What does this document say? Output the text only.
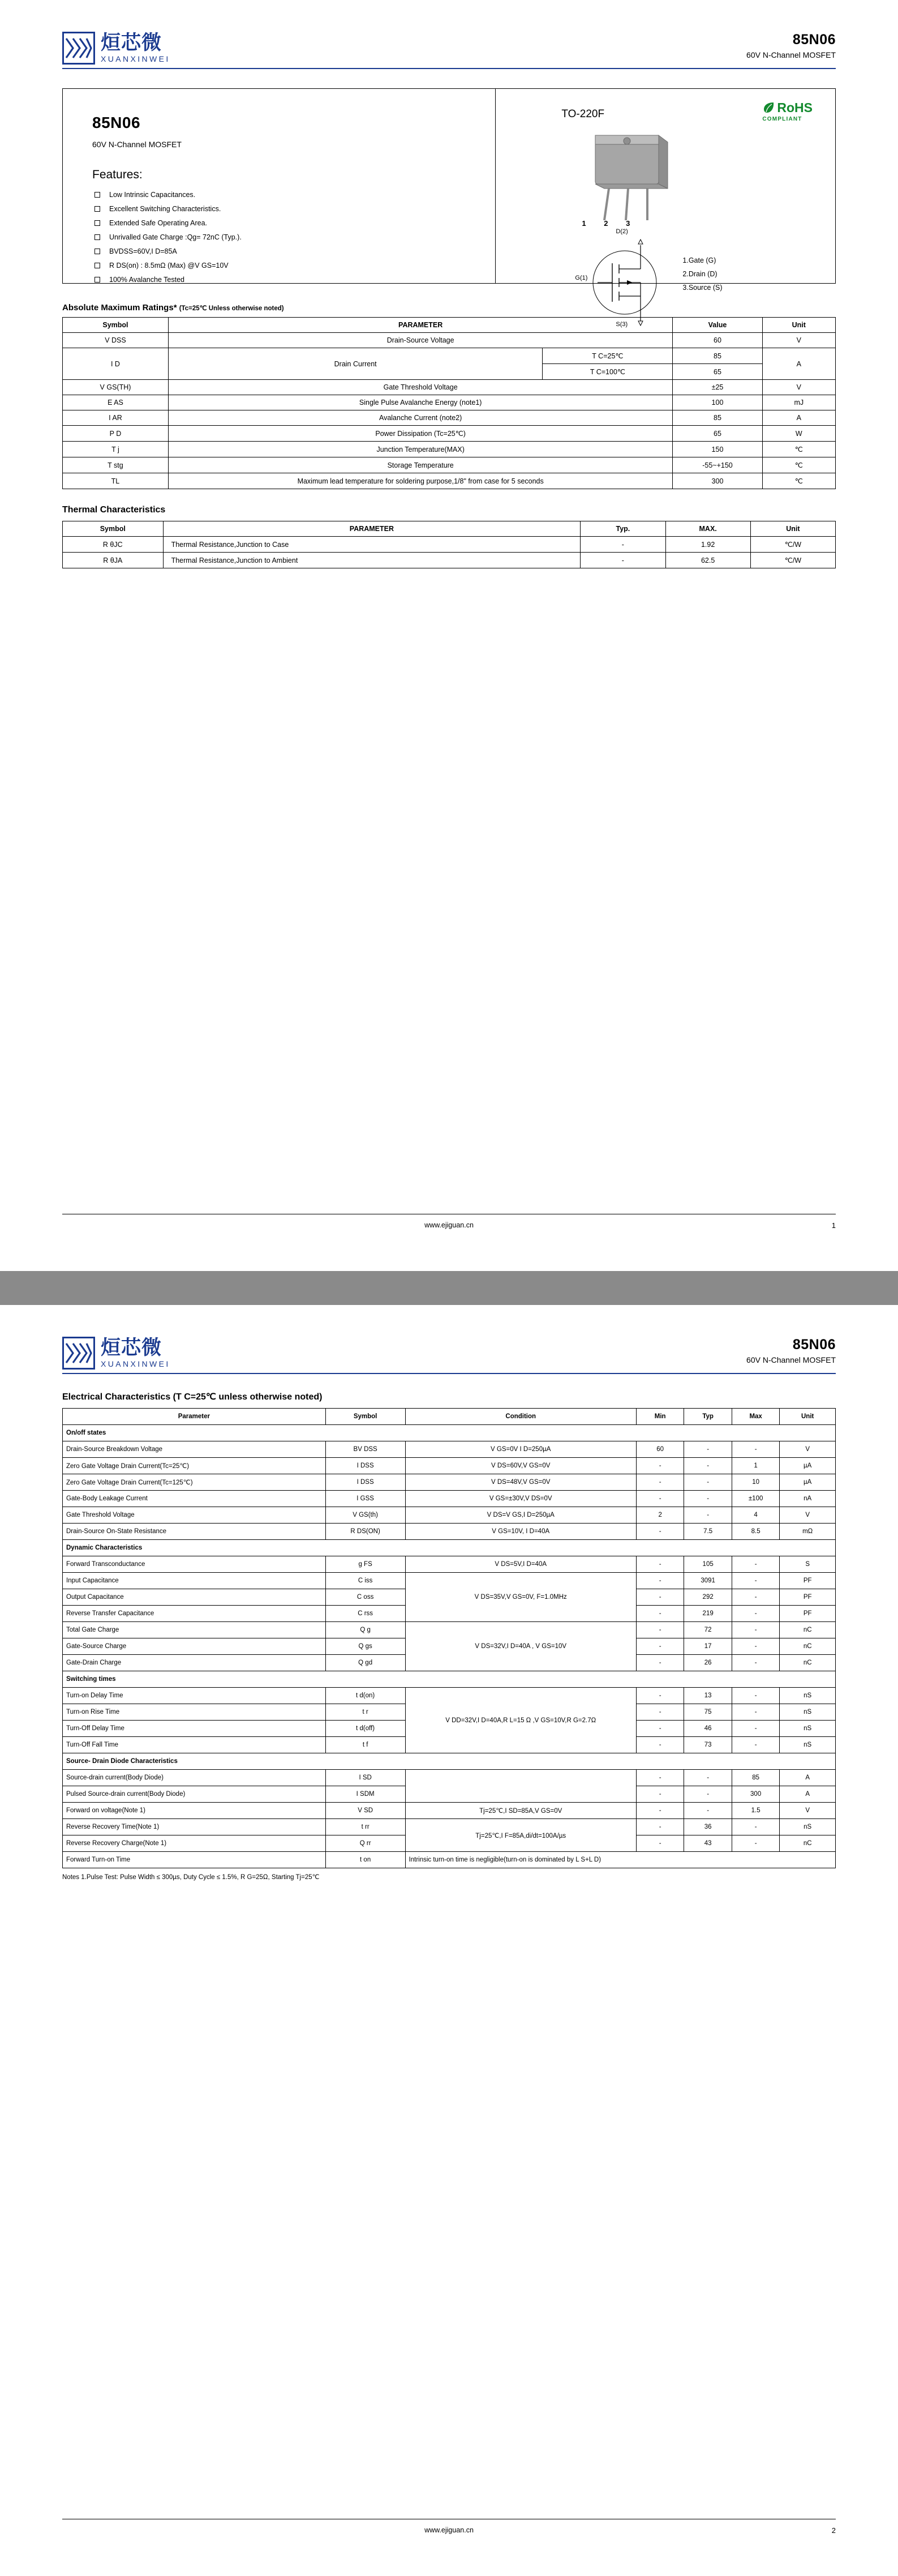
烜芯微
XUANXINWEI
85N06
60V N-Channel MOSFET
85N06
60V N-Channel MOSFET
Features:
Low Intrinsic Capacitances.
Excellent Switching Characteristics.
Extended Safe Operating Area.
Unrivalled Gate Charge :Qg= 72nC (Typ.).
BVDSS=60V,I D=85A
R DS(on) : 8.5mΩ (Max) @V GS=10V
100% Avalanche Tested
TO-220F	RoHS
COMPLIANT
1 2 3
D(2)
G(1)
S(3)
1.Gate (G)
2.Drain (D)
3.Source (S)
Absolute Maximum Ratings* (Tc=25℃ Unless otherwise noted)
Symbol	PARAMETER		Value	Unit
V DSS	Drain-Source Voltage		60	V
I D	Drain Current	T C=25℃	85	A
		T C=100℃	65	
V GS(TH)	Gate Threshold Voltage		±25	V
E AS	Single Pulse Avalanche Energy (note1)		100	mJ
I AR	Avalanche Current (note2)		85	A
P D	Power Dissipation (Tc=25℃)		65	W
T j	Junction Temperature(MAX)		150	℃
T stg	Storage Temperature		-55~+150	℃
TL	Maximum lead temperature for soldering purpose,1/8" from case for 5 seconds		300	℃
Thermal Characteristics
Symbol	PARAMETER	Typ.	MAX.	Unit
R θJC	Thermal Resistance,Junction to Case	-	1.92	℃/W
R θJA	Thermal Resistance,Junction to Ambient	-	62.5	℃/W
www.ejiguan.cn	1
烜芯微
XUANXINWEI
85N06
60V N-Channel MOSFET
Electrical Characteristics (T C=25℃ unless otherwise noted)
Parameter	Symbol	Condition	Min	Typ	Max	Unit
On/off states						
Drain-Source Breakdown Voltage	BV DSS	V GS=0V I D=250µA	60	-	-	V
Zero Gate Voltage Drain Current(Tc=25℃)	I DSS	V DS=60V,V GS=0V	-	-	1	µA
Zero Gate Voltage Drain Current(Tc=125℃)	I DSS	V DS=48V,V GS=0V	-	-	10	µA
Gate-Body Leakage Current	I GSS	V GS=±30V,V DS=0V	-	-	±100	nA
Gate Threshold Voltage	V GS(th)	V DS=V GS,I D=250µA	2	-	4	V
Drain-Source On-State Resistance	R DS(ON)	V GS=10V, I D=40A	-	7.5	8.5	mΩ
Dynamic Characteristics						
Forward Transconductance	g FS	V DS=5V,I D=40A	-	105	-	S
Input Capacitance	C iss	V DS=35V,V GS=0V, F=1.0MHz	-	3091	-	PF
Output Capacitance	C oss		-	292	-	PF
Reverse Transfer Capacitance	C rss		-	219	-	PF
Total Gate Charge	Q g	V DS=32V,I D=40A , V GS=10V	-	72	-	nC
Gate-Source Charge	Q gs		-	17	-	nC
Gate-Drain Charge	Q gd		-	26	-	nC
Switching times						
Turn-on Delay Time	t d(on)	V DD=32V,I D=40A,R L=15 Ω ,V GS=10V,R G=2.7Ω	-	13	-	nS
Turn-on Rise Time	t r		-	75	-	nS
Turn-Off Delay Time	t d(off)		-	46	-	nS
Turn-Off Fall Time	t f		-	73	-	nS
Source- Drain Diode Characteristics						
Source-drain current(Body Diode)	I SD		-	-	85	A
Pulsed Source-drain current(Body Diode)	I SDM		-	-	300	A
Forward on voltage(Note 1)	V SD	Tj=25℃,I SD=85A,V GS=0V	-	-	1.5	V
Reverse Recovery Time(Note 1)	t rr	Tj=25℃,I F=85A,di/dt=100A/µs	-	36	-	nS
Reverse Recovery Charge(Note 1)	Q rr		-	43	-	nC
Forward Turn-on Time	t on	Intrinsic turn-on time is negligible(turn-on is dominated by L S+L D)				
Notes 1.Pulse Test: Pulse Width ≤ 300µs, Duty Cycle ≤ 1.5%, R G=25Ω, Starting Tj=25℃
www.ejiguan.cn	2
